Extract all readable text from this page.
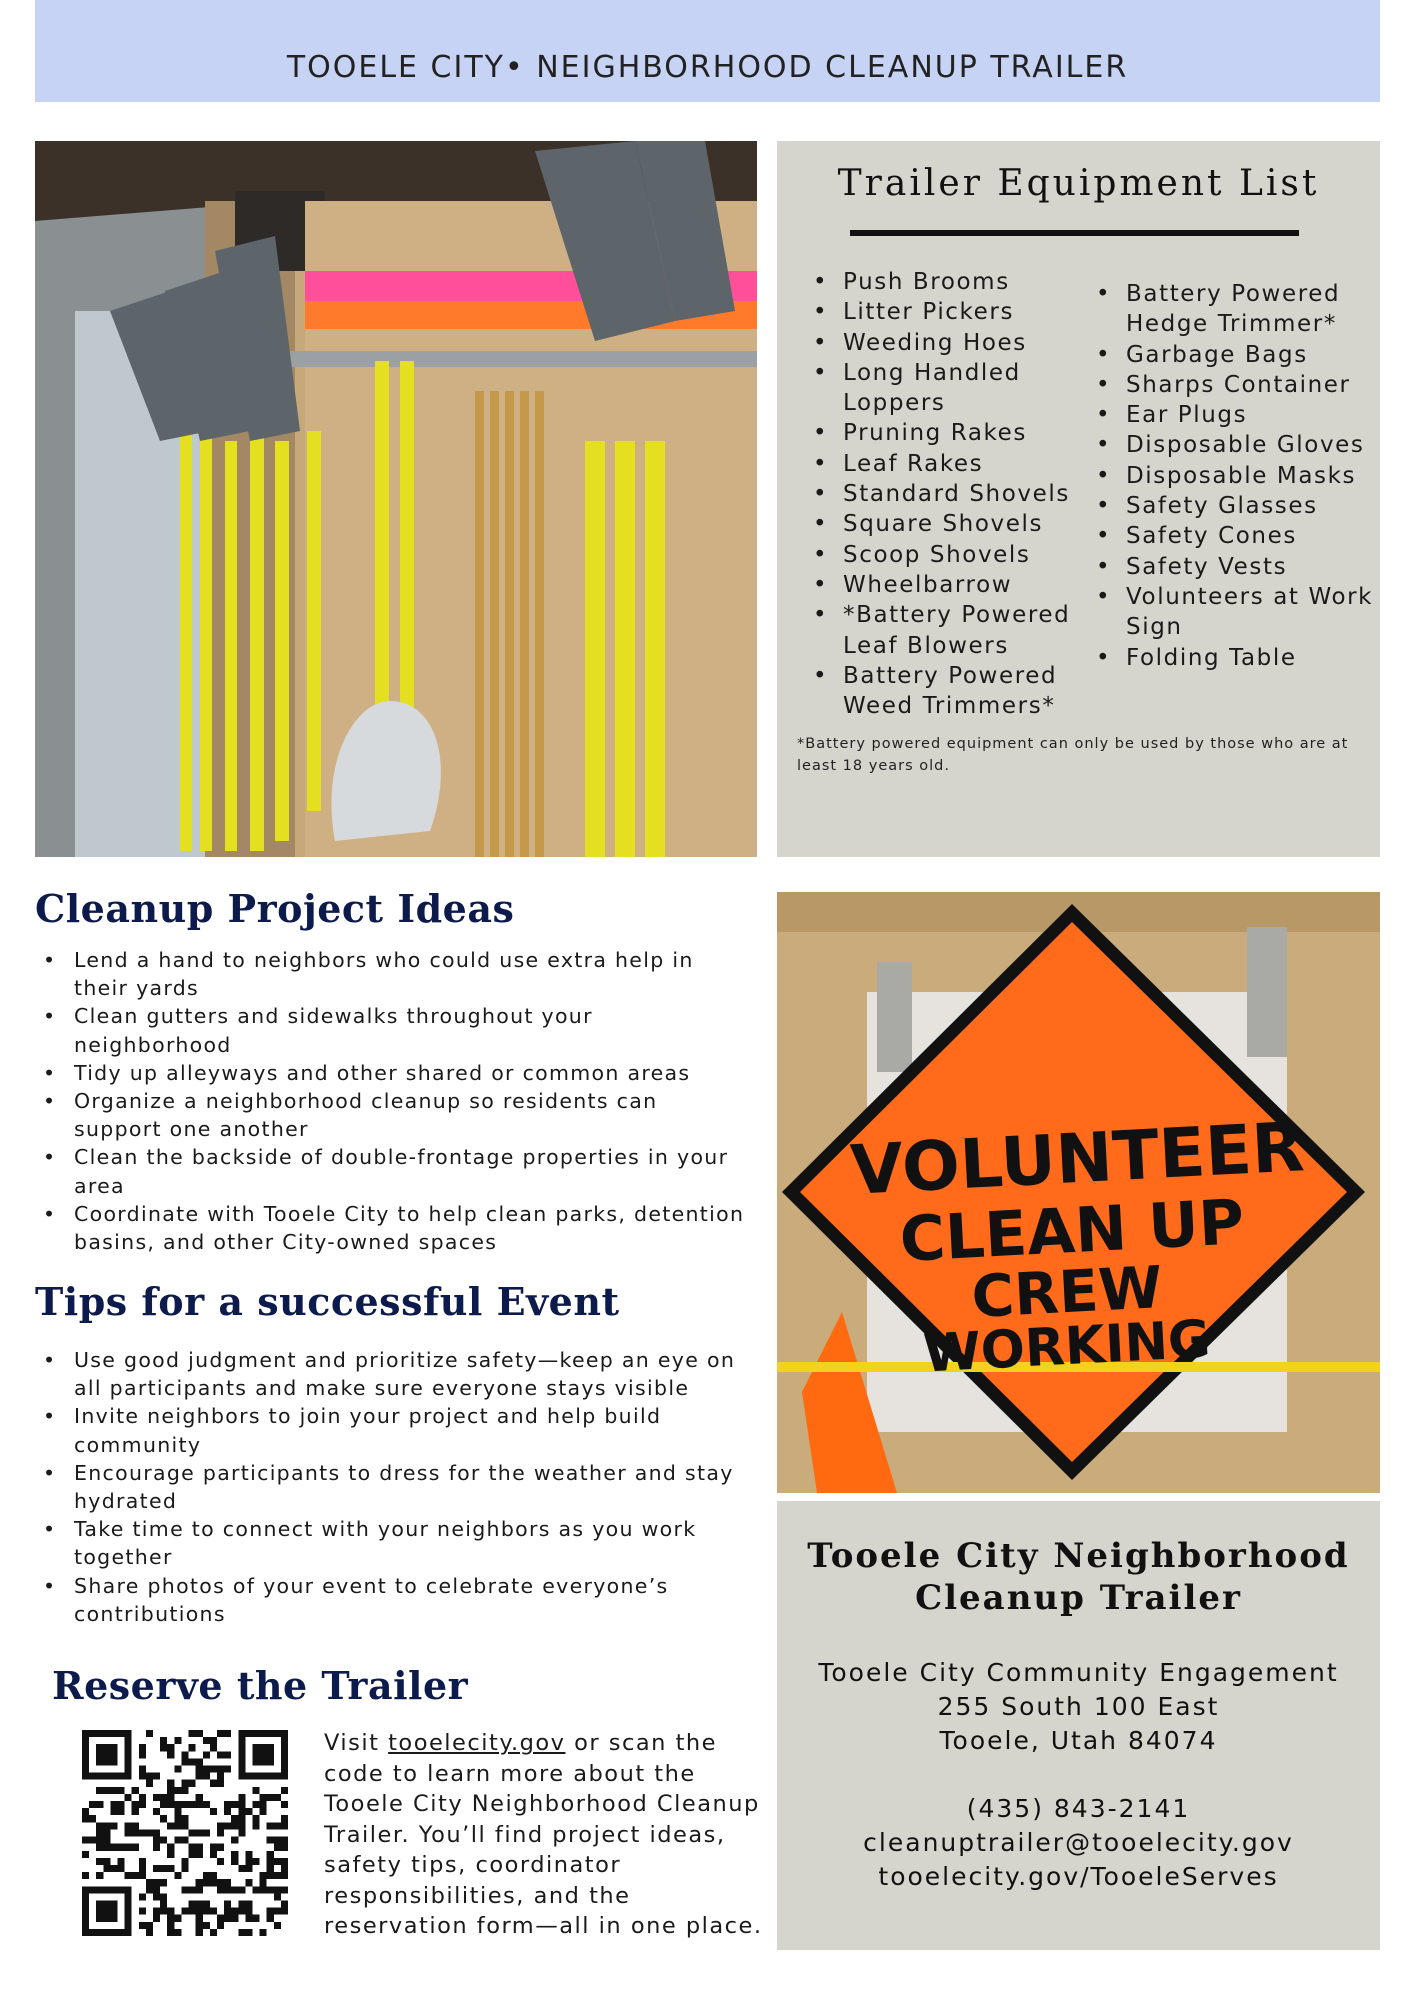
TOOELE CITY• NEIGHBORHOOD CLEANUP TRAILER
Trailer Equipment List
• Push Brooms
• Litter Pickers
• Weeding Hoes
• Long Handled Loppers
• Pruning Rakes
• Leaf Rakes
• Standard Shovels
• Square Shovels
• Scoop Shovels
• Wheelbarrow
• *Battery Powered Leaf Blowers
• Battery Powered Weed Trimmers*
• Battery Powered Hedge Trimmer*
• Garbage Bags
• Sharps Container
• Ear Plugs
• Disposable Gloves
• Disposable Masks
• Safety Glasses
• Safety Cones
• Safety Vests
• Volunteers at Work Sign
• Folding Table
*Battery powered equipment can only be used by those who are at least 18 years old.
Cleanup Project Ideas
• Lend a hand to neighbors who could use extra help in their yards
• Clean gutters and sidewalks throughout your neighborhood
• Tidy up alleyways and other shared or common areas
• Organize a neighborhood cleanup so residents can support one another
• Clean the backside of double-frontage properties in your area
• Coordinate with Tooele City to help clean parks, detention basins, and other City-owned spaces
Tips for a successful Event
• Use good judgment and prioritize safety—keep an eye on all participants and make sure everyone stays visible
• Invite neighbors to join your project and help build community
• Encourage participants to dress for the weather and stay hydrated
• Take time to connect with your neighbors as you work together
• Share photos of your event to celebrate everyone’s contributions
Reserve the Trailer
Visit tooelecity.gov or scan the code to learn more about the Tooele City Neighborhood Cleanup Trailer. You’ll find project ideas, safety tips, coordinator responsibilities, and the reservation form—all in one place.
VOLUNTEER
CLEAN UP
CREW
WORKING
Tooele City Neighborhood Cleanup Trailer
Tooele City Community Engagement
255 South 100 East
Tooele, Utah 84074
(435) 843-2141
cleanuptrailer@tooelecity.gov
tooelecity.gov/TooeleServes
